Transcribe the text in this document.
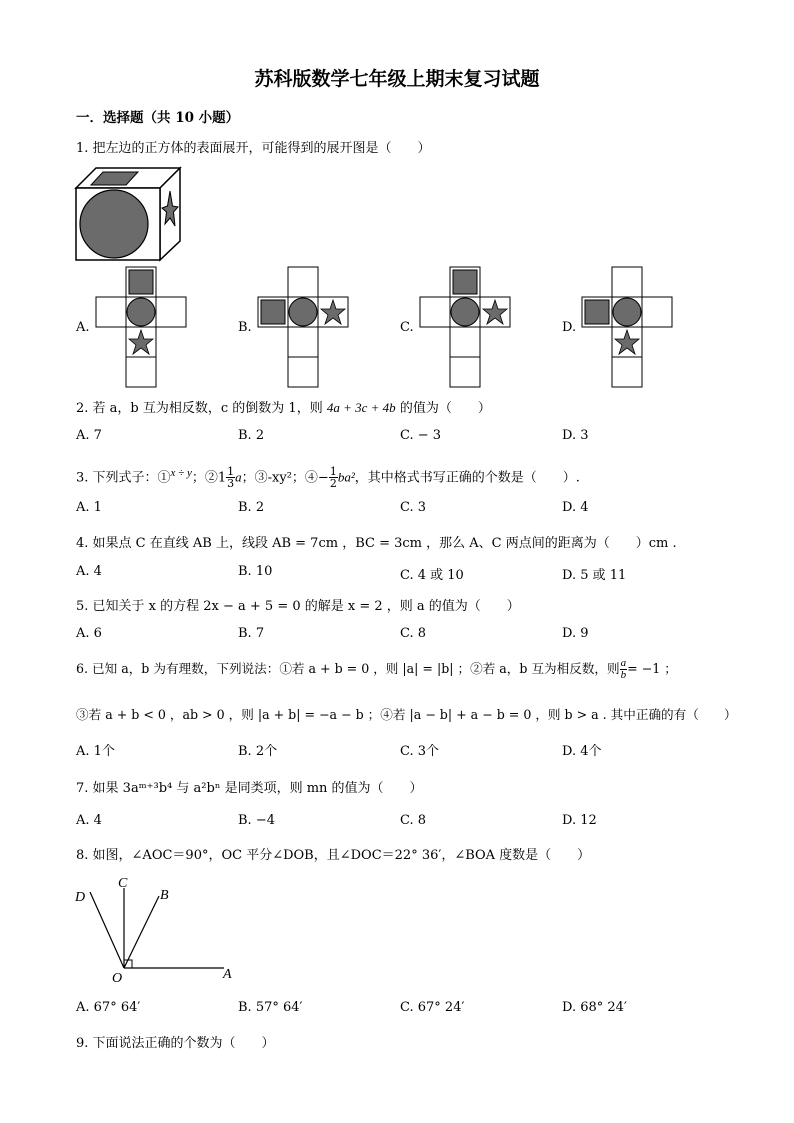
苏科版数学七年级上期末复习试题
一．选择题（共 10 小题）
1. 把左边的正方体的表面展开，可能得到的展开图是（　　）
A.	B.	C.	D.
2. 若 a，b 互为相反数，c 的倒数为 1，则 4a + 3c + 4b 的值为（　　）
A. 7	B. 2	C. − 3	D. 3
3. 下列式子：①$^{x \div y}$；②1 $\frac{1}{3}$ a；③-xy²；④− $\frac{1}{2} ba^2$，其中格式书写正确的个数是（　　）.
A. 1	B. 2	C. 3	D. 4
4. 如果点 C 在直线 AB 上，线段 AB = 7cm ，BC = 3cm ，那么 A、C 两点间的距离为（　　）cm .
A. 4	B. 10	C. 4 或 10	D. 5 或 11
5. 已知关于 x 的方程 2x − a + 5 = 0 的解是 x = 2 ，则 a 的值为（　　）
A. 6	B. 7	C. 8	D. 9
6. 已知 a，b 为有理数，下列说法：①若 a + b = 0 ，则 |a| = |b| ；②若 a，b 互为相反数，则 $\frac{a}{b} = -1$ ；
③若 a + b < 0 ，ab > 0 ，则 |a + b| = −a − b ；④若 |a − b| + a − b = 0 ，则 b > a . 其中正确的有（　　）
A. 1个	B. 2个	C. 3个	D. 4个
7. 如果 3aᵐ⁺³b⁴ 与 a²bⁿ 是同类项，则 mn 的值为（　　）
A. 4	B. −4	C. 8	D. 12
8. 如图，∠AOC＝90°，OC 平分∠DOB，且∠DOC＝22° 36′，∠BOA 度数是（　　）
D
C
B
O	A
A. 67° 64′	B. 57° 64′	C. 67° 24′	D. 68° 24′
9. 下面说法正确的个数为（　　）
